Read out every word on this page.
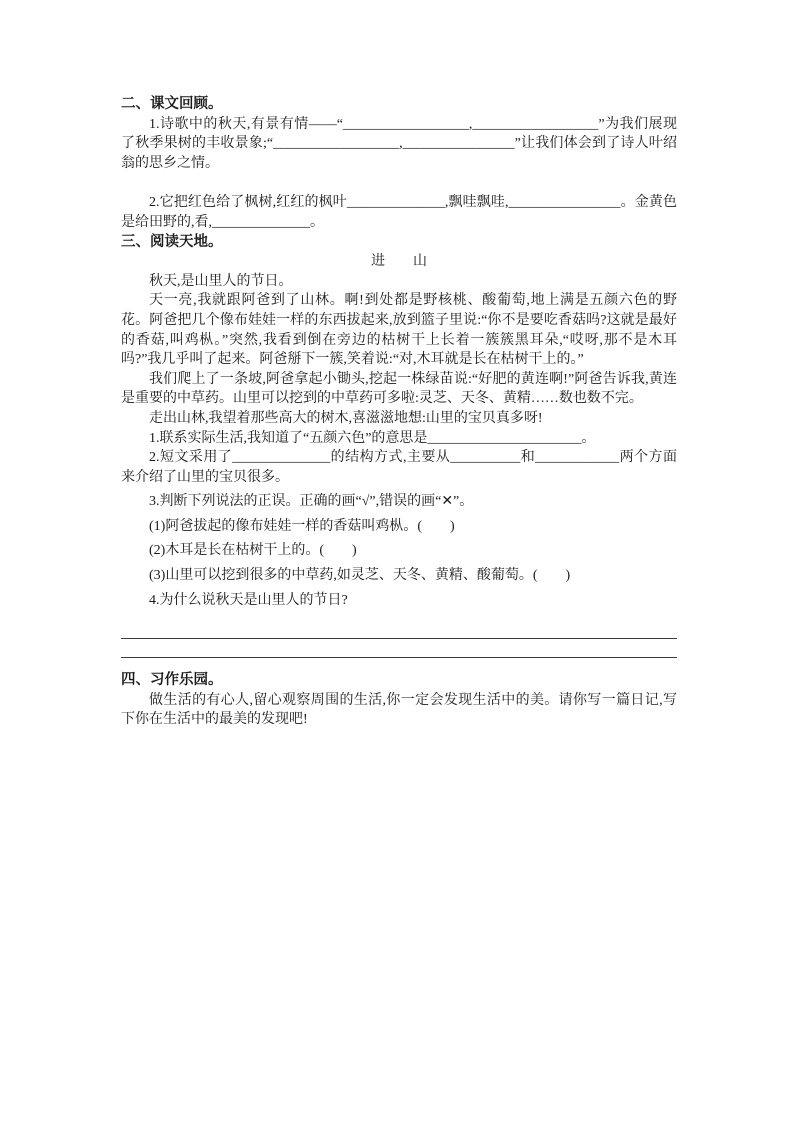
二、课文回顾。

1.诗歌中的秋天,有景有情——“__________________,__________________”为我们展现了秋季果树的丰收景象;“__________________,________________”让我们体会到了诗人叶绍翁的思乡之情。

2.它把红色给了枫树,红红的枫叶______________,飘哇飘哇,________________。金黄色是给田野的,看,______________。

三、阅读天地。

进        山

秋天,是山里人的节日。

天一亮,我就跟阿爸到了山林。啊!到处都是野核桃、酸葡萄,地上满是五颜六色的野花。阿爸把几个像布娃娃一样的东西拔起来,放到篮子里说:“你不是要吃香菇吗?这就是最好的香菇,叫鸡枞。”突然,我看到倒在旁边的枯树干上长着一簇簇黑耳朵,“哎呀,那不是木耳吗?”我几乎叫了起来。阿爸掰下一簇,笑着说:“对,木耳就是长在枯树干上的。”

我们爬上了一条坡,阿爸拿起小锄头,挖起一株绿苗说:“好肥的黄连啊!”阿爸告诉我,黄连是重要的中草药。山里可以挖到的中草药可多啦:灵芝、天冬、黄精……数也数不完。

走出山林,我望着那些高大的树木,喜滋滋地想:山里的宝贝真多呀!

1.联系实际生活,我知道了“五颜六色”的意思是______________________。

2.短文采用了______________的结构方式,主要从__________和____________两个方面来介绍了山里的宝贝很多。

3.判断下列说法的正误。正确的画“√”,错误的画“✕”。

(1)阿爸拔起的像布娃娃一样的香菇叫鸡枞。(        )

(2)木耳是长在枯树干上的。(        )

(3)山里可以挖到很多的中草药,如灵芝、天冬、黄精、酸葡萄。(        )

4.为什么说秋天是山里人的节日?

四、习作乐园。

做生活的有心人,留心观察周围的生活,你一定会发现生活中的美。请你写一篇日记,写下你在生活中的最美的发现吧!
